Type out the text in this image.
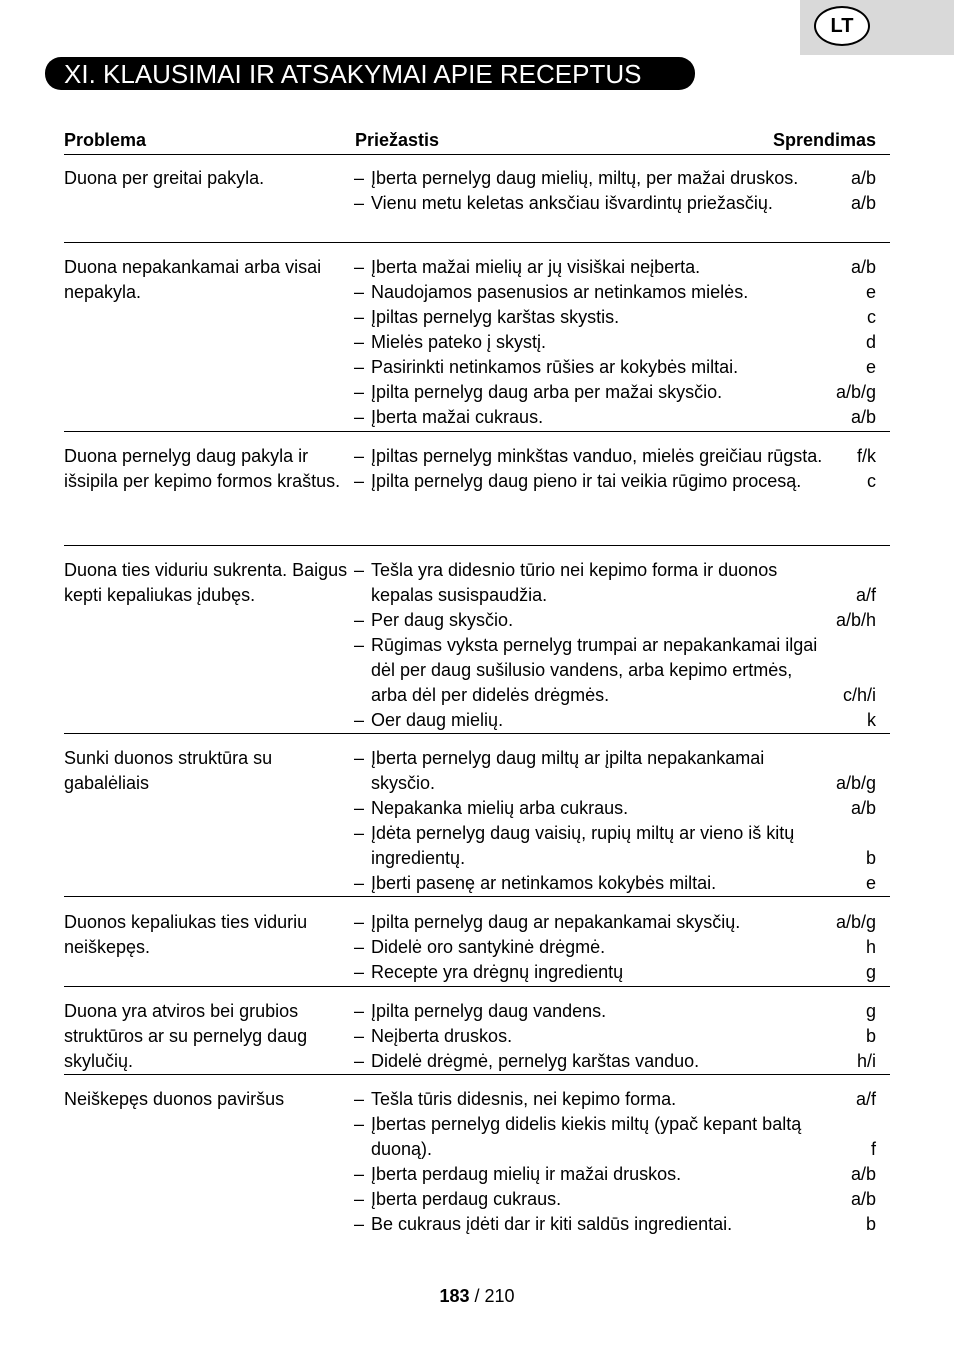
LT
XI. KLAUSIMAI IR ATSAKYMAI APIE RECEPTUS
Problema	Priežastis	Sprendimas
Duona per greitai pakyla.	– Įberta pernelyg daug mielių, miltų, per mažai druskos.	a/b
– Vienu metu keletas anksčiau išvardintų priežasčių.	a/b
Duona nepakankamai arba visai nepakyla.
– Įberta mažai mielių ar jų visiškai neįberta.	a/b
– Naudojamos pasenusios ar netinkamos mielės.	e
– Įpiltas pernelyg karštas skystis.	c
– Mielės pateko į skystį.	d
– Pasirinkti netinkamos rūšies ar kokybės miltai.	e
– Įpilta pernelyg daug arba per mažai skysčio.	a/b/g
– Įberta mažai cukraus.	a/b
Duona pernelyg daug pakyla ir išsipila per kepimo formos kraštus.
– Įpiltas pernelyg minkštas vanduo, mielės greičiau rūgsta. f/k
– Įpilta pernelyg daug pieno ir tai veikia rūgimo procesą.	c
Duona ties viduriu sukrenta. Baigus kepti kepaliukas įdubęs.
– Tešla yra didesnio tūrio nei kepimo forma ir duonos kepalas susispaudžia.	a/f
– Per daug skysčio.	a/b/h
– Rūgimas vyksta pernelyg trumpai ar nepakankamai ilgai dėl per daug sušilusio vandens, arba kepimo ertmės, arba dėl per didelės drėgmės.	c/h/i
– Oer daug mielių.	k
Sunki duonos struktūra su gabalėliais
– Įberta pernelyg daug miltų ar įpilta nepakankamai skysčio.	a/b/g
– Nepakanka mielių arba cukraus.	a/b
– Įdėta pernelyg daug vaisių, rupių miltų ar vieno iš kitų ingredientų.	b
– Įberti pasenę ar netinkamos kokybės miltai.	e
Duonos kepaliukas ties viduriu neiškepęs.
– Įpilta pernelyg daug ar nepakankamai skysčių.	a/b/g
– Didelė oro santykinė drėgmė.	h
– Recepte yra drėgnų ingredientų	g
Duona yra atviros bei grubios struktūros ar su pernelyg daug skylučių.
– Įpilta pernelyg daug vandens.	g
– Neįberta druskos.	b
– Didelė drėgmė, pernelyg karštas vanduo.	h/i
Neiškepęs duonos paviršus	– Tešla tūris didesnis, nei kepimo forma.	a/f
– Įbertas pernelyg didelis kiekis miltų (ypač kepant baltą duoną).	f
– Įberta perdaug mielių ir mažai druskos.	a/b
– Įberta perdaug cukraus.	a/b
– Be cukraus įdėti dar ir kiti saldūs ingredientai.	b
183 / 210
